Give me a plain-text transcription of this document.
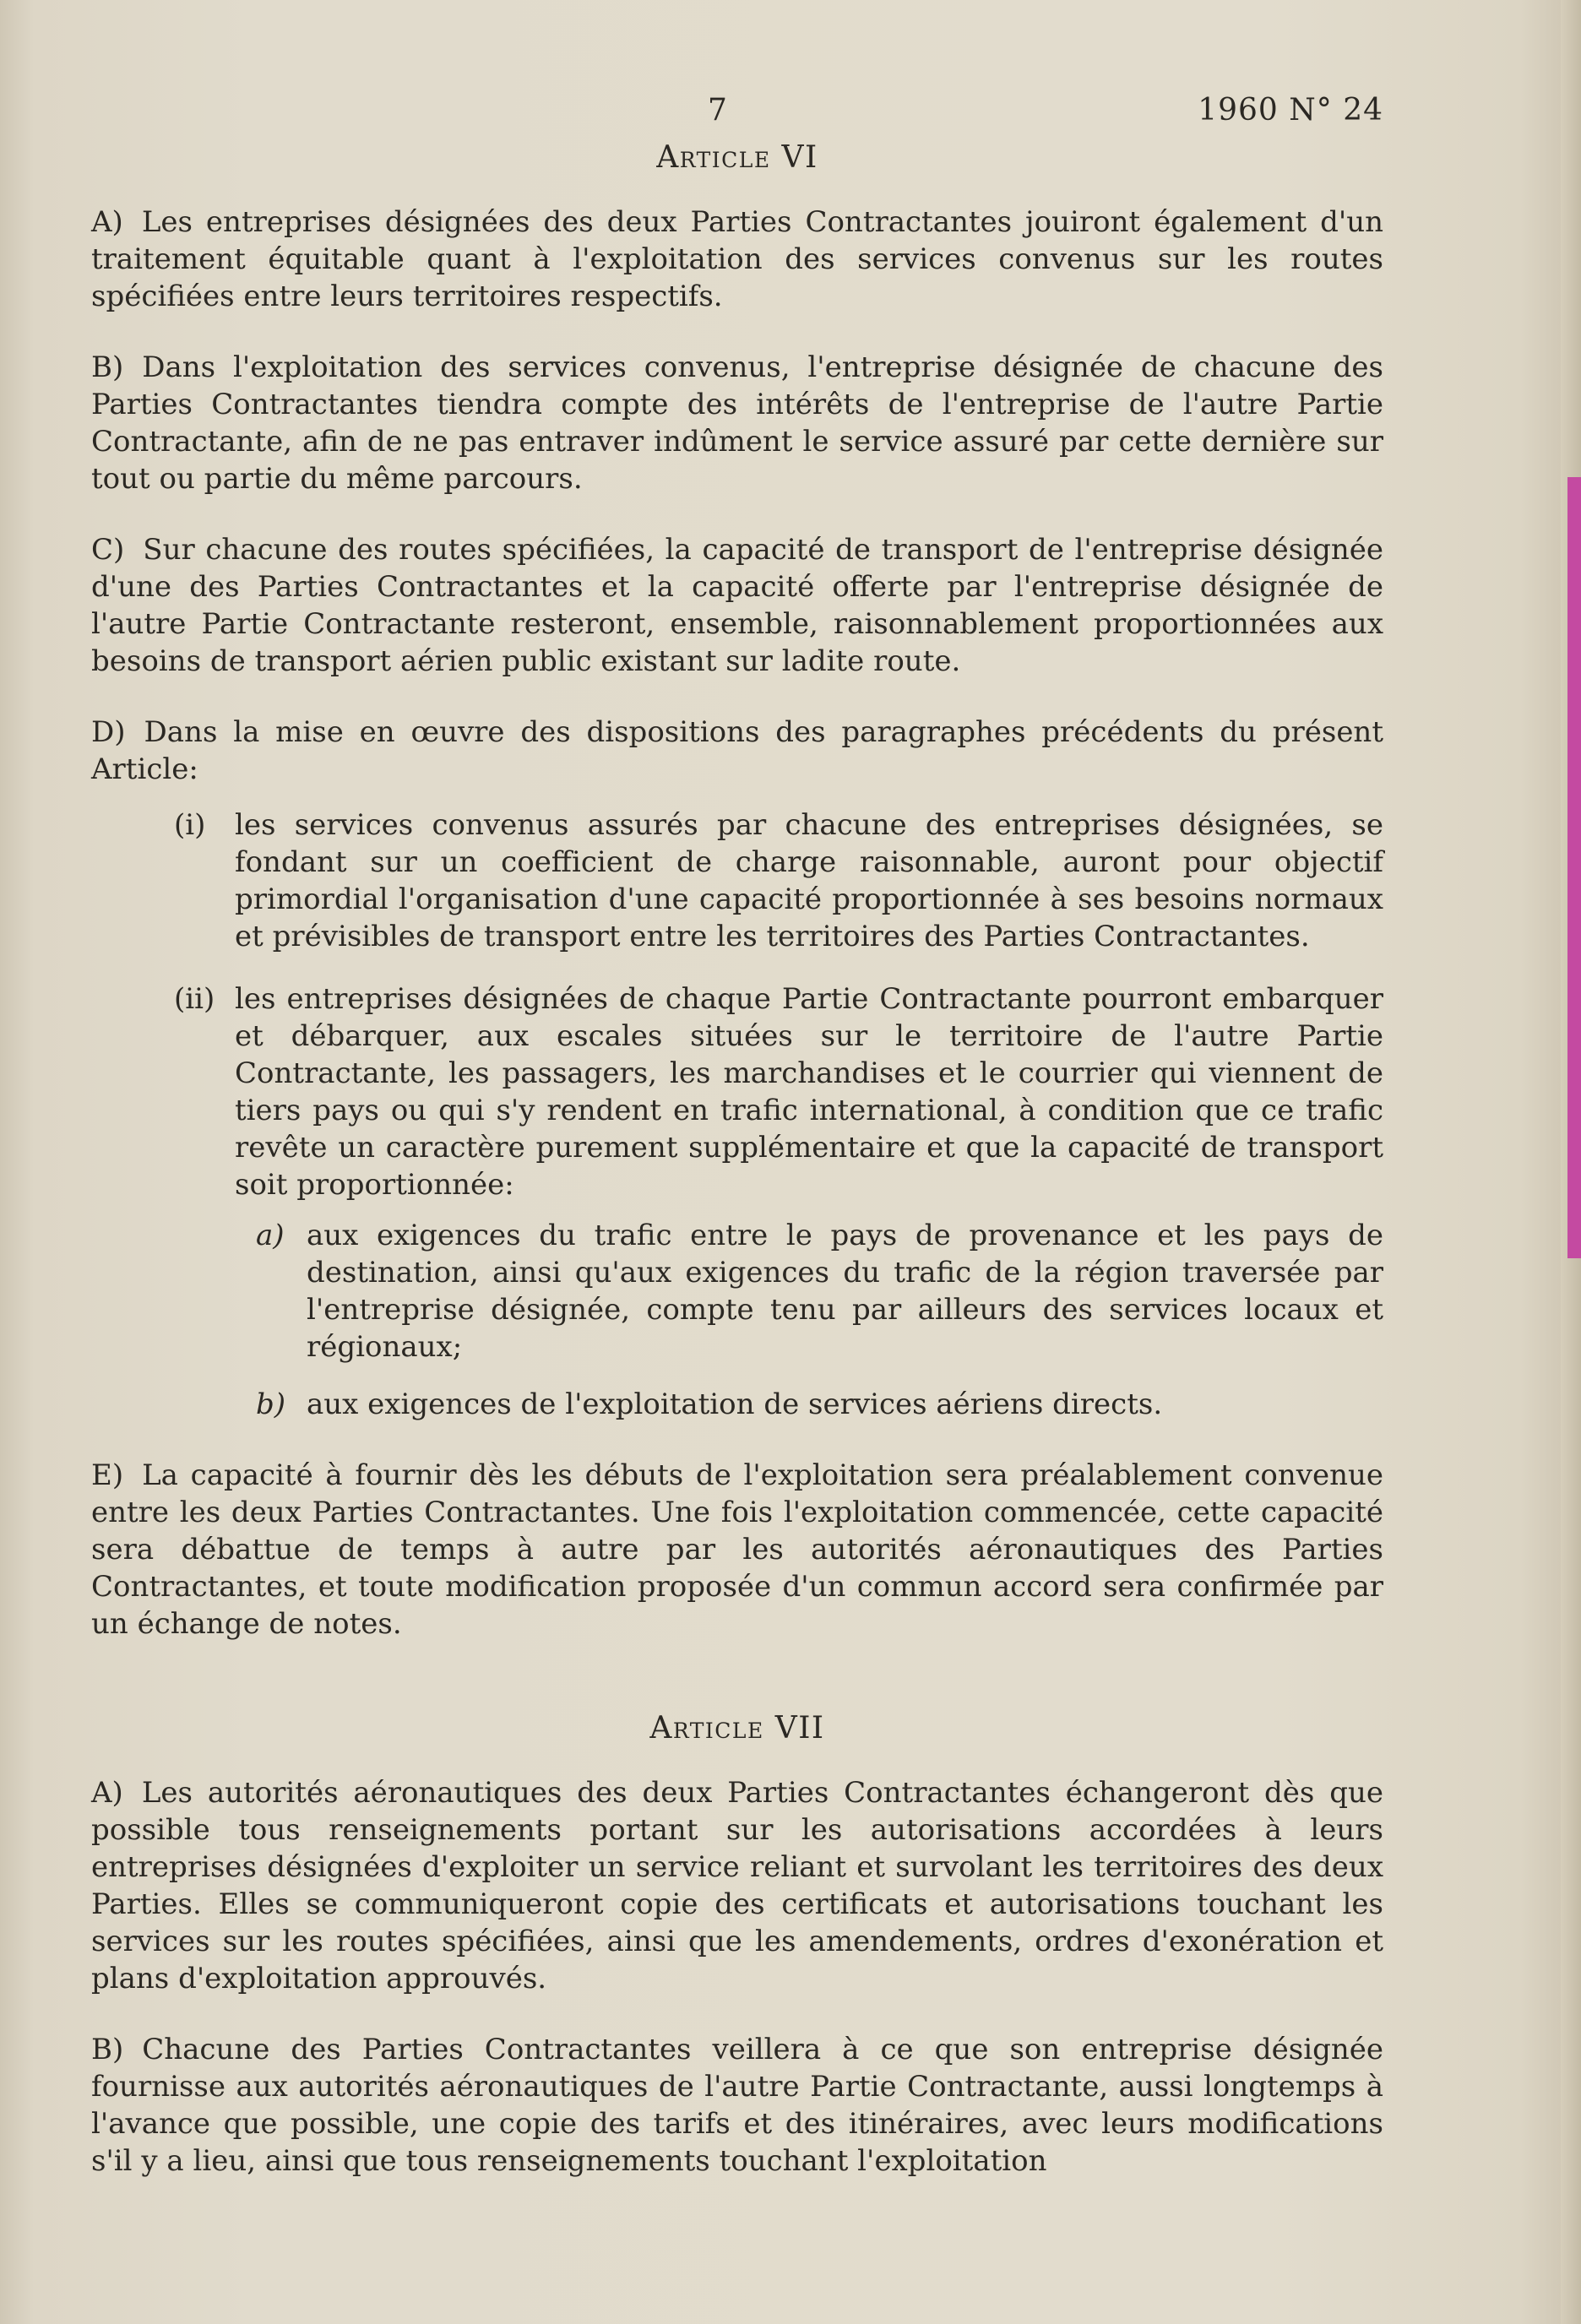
7	1960 N° 24
Article VI

A) Les entreprises désignées des deux Parties Contractantes jouiront également d'un traitement équitable quant à l'exploitation des services convenus sur les routes spécifiées entre leurs territoires respectifs.

B) Dans l'exploitation des services convenus, l'entreprise désignée de chacune des Parties Contractantes tiendra compte des intérêts de l'entreprise de l'autre Partie Contractante, afin de ne pas entraver indûment le service assuré par cette dernière sur tout ou partie du même parcours.

C) Sur chacune des routes spécifiées, la capacité de transport de l'entreprise désignée d'une des Parties Contractantes et la capacité offerte par l'entreprise désignée de l'autre Partie Contractante resteront, ensemble, raisonnablement proportionnées aux besoins de transport aérien public existant sur ladite route.

D) Dans la mise en œuvre des dispositions des paragraphes précédents du présent Article:

(i) les services convenus assurés par chacune des entreprises désignées, se fondant sur un coefficient de charge raisonnable, auront pour objectif primordial l'organisation d'une capacité proportionnée à ses besoins normaux et prévisibles de transport entre les territoires des Parties Contractantes.
(ii) les entreprises désignées de chaque Partie Contractante pourront embarquer et débarquer, aux escales situées sur le territoire de l'autre Partie Contractante, les passagers, les marchandises et le courrier qui viennent de tiers pays ou qui s'y rendent en trafic international, à condition que ce trafic revête un caractère purement supplémentaire et que la capacité de transport soit proportionnée:
a) aux exigences du trafic entre le pays de provenance et les pays de destination, ainsi qu'aux exigences du trafic de la région traversée par l'entreprise désignée, compte tenu par ailleurs des services locaux et régionaux;
b) aux exigences de l'exploitation de services aériens directs.

E) La capacité à fournir dès les débuts de l'exploitation sera préalablement convenue entre les deux Parties Contractantes. Une fois l'exploitation commencée, cette capacité sera débattue de temps à autre par les autorités aéronautiques des Parties Contractantes, et toute modification proposée d'un commun accord sera confirmée par un échange de notes.

Article VII

A) Les autorités aéronautiques des deux Parties Contractantes échangeront dès que possible tous renseignements portant sur les autorisations accordées à leurs entreprises désignées d'exploiter un service reliant et survolant les territoires des deux Parties. Elles se communiqueront copie des certificats et autorisations touchant les services sur les routes spécifiées, ainsi que les amendements, ordres d'exonération et plans d'exploitation approuvés.

B) Chacune des Parties Contractantes veillera à ce que son entreprise désignée fournisse aux autorités aéronautiques de l'autre Partie Contractante, aussi longtemps à l'avance que possible, une copie des tarifs et des itinéraires, avec leurs modifications s'il y a lieu, ainsi que tous renseignements touchant l'exploitation
